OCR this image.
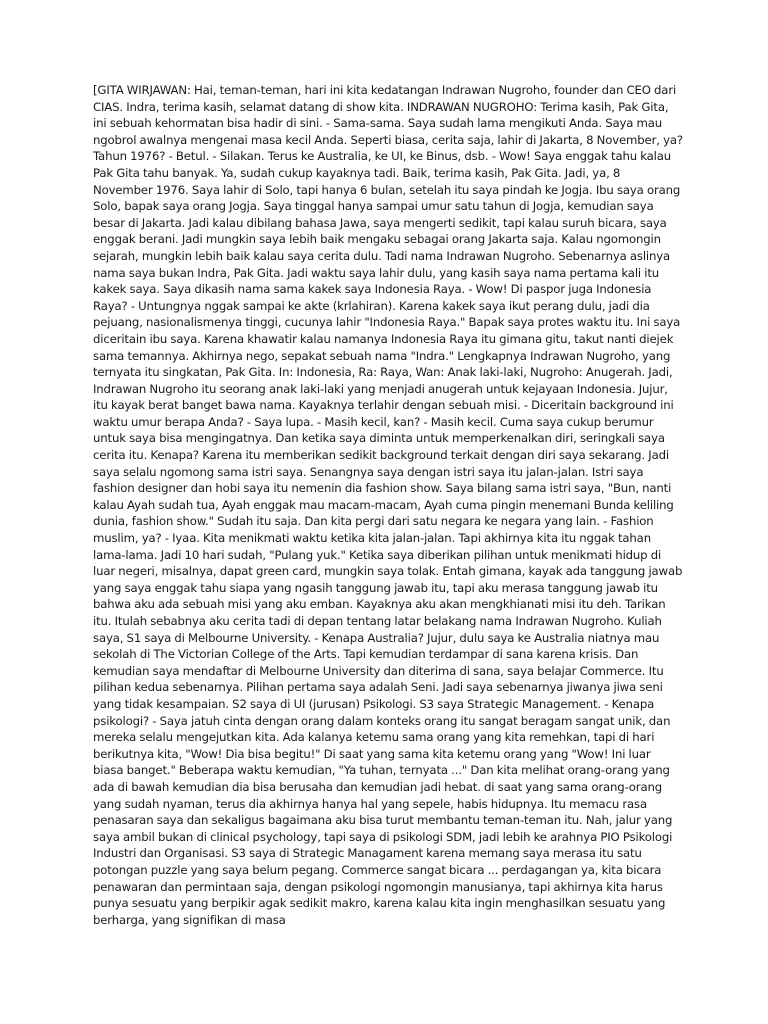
[GITA WIRJAWAN: Hai, teman-teman, hari ini kita kedatangan Indrawan Nugroho, founder dan CEO dari CIAS. Indra, terima kasih, selamat datang di show kita. INDRAWAN NUGROHO: Terima kasih, Pak Gita, ini sebuah kehormatan bisa hadir di sini. - Sama-sama. Saya sudah lama mengikuti Anda. Saya mau ngobrol awalnya mengenai masa kecil Anda. Seperti biasa, cerita saja, lahir di Jakarta, 8 November, ya? Tahun 1976? - Betul. - Silakan. Terus ke Australia, ke UI, ke Binus, dsb. - Wow! Saya enggak tahu kalau Pak Gita tahu banyak. Ya, sudah cukup kayaknya tadi. Baik, terima kasih, Pak Gita. Jadi, ya, 8 November 1976. Saya lahir di Solo, tapi hanya 6 bulan, setelah itu saya pindah ke Jogja. Ibu saya orang Solo, bapak saya orang Jogja. Saya tinggal hanya sampai umur satu tahun di Jogja, kemudian saya besar di Jakarta. Jadi kalau dibilang bahasa Jawa, saya mengerti sedikit, tapi kalau suruh bicara, saya enggak berani. Jadi mungkin saya lebih baik mengaku sebagai orang Jakarta saja. Kalau ngomongin sejarah, mungkin lebih baik kalau saya cerita dulu. Tadi nama Indrawan Nugroho. Sebenarnya aslinya nama saya bukan Indra, Pak Gita. Jadi waktu saya lahir dulu, yang kasih saya nama pertama kali itu kakek saya. Saya dikasih nama sama kakek saya Indonesia Raya. - Wow! Di paspor juga Indonesia Raya? - Untungnya nggak sampai ke akte (krlahiran). Karena kakek saya ikut perang dulu, jadi dia pejuang, nasionalismenya tinggi, cucunya lahir "Indonesia Raya." Bapak saya protes waktu itu. Ini saya diceritain ibu saya. Karena khawatir kalau namanya Indonesia Raya itu gimana gitu, takut nanti diejek sama temannya. Akhirnya nego, sepakat sebuah nama "Indra." Lengkapnya Indrawan Nugroho, yang ternyata itu singkatan, Pak Gita. In: Indonesia, Ra: Raya, Wan: Anak laki-laki, Nugroho: Anugerah. Jadi, Indrawan Nugroho itu seorang anak laki-laki yang menjadi anugerah untuk kejayaan Indonesia. Jujur, itu kayak berat banget bawa nama. Kayaknya terlahir dengan sebuah misi. - Diceritain background ini waktu umur berapa Anda? - Saya lupa. - Masih kecil, kan? - Masih kecil. Cuma saya cukup berumur untuk saya bisa mengingatnya. Dan ketika saya diminta untuk memperkenalkan diri, seringkali saya cerita itu. Kenapa? Karena itu memberikan sedikit background terkait dengan diri saya sekarang. Jadi saya selalu ngomong sama istri saya. Senangnya saya dengan istri saya itu jalan-jalan. Istri saya fashion designer dan hobi saya itu nemenin dia fashion show. Saya bilang sama istri saya, "Bun, nanti kalau Ayah sudah tua, Ayah enggak mau macam-macam, Ayah cuma pingin menemani Bunda keliling dunia, fashion show." Sudah itu saja. Dan kita pergi dari satu negara ke negara yang lain. - Fashion muslim, ya? - Iyaa. Kita menikmati waktu ketika kita jalan-jalan. Tapi akhirnya kita itu nggak tahan lama-lama. Jadi 10 hari sudah, "Pulang yuk." Ketika saya diberikan pilihan untuk menikmati hidup di luar negeri, misalnya, dapat green card, mungkin saya tolak. Entah gimana, kayak ada tanggung jawab yang saya enggak tahu siapa yang ngasih tanggung jawab itu, tapi aku merasa tanggung jawab itu bahwa aku ada sebuah misi yang aku emban. Kayaknya aku akan mengkhianati misi itu deh. Tarikan itu. Itulah sebabnya aku cerita tadi di depan tentang latar belakang nama Indrawan Nugroho. Kuliah saya, S1 saya di Melbourne University. - Kenapa Australia? Jujur, dulu saya ke Australia niatnya mau sekolah di The Victorian College of the Arts. Tapi kemudian terdampar di sana karena krisis. Dan kemudian saya mendaftar di Melbourne University dan diterima di sana, saya belajar Commerce. Itu pilihan kedua sebenarnya. Pilihan pertama saya adalah Seni. Jadi saya sebenarnya jiwanya jiwa seni yang tidak kesampaian. S2 saya di UI (jurusan) Psikologi. S3 saya Strategic Management. - Kenapa psikologi? - Saya jatuh cinta dengan orang dalam konteks orang itu sangat beragam sangat unik, dan mereka selalu mengejutkan kita. Ada kalanya ketemu sama orang yang kita remehkan, tapi di hari berikutnya kita, "Wow! Dia bisa begitu!" Di saat yang sama kita ketemu orang yang "Wow! Ini luar biasa banget." Beberapa waktu kemudian, "Ya tuhan, ternyata ..." Dan kita melihat orang-orang yang ada di bawah kemudian dia bisa berusaha dan kemudian jadi hebat. di saat yang sama orang-orang yang sudah nyaman, terus dia akhirnya hanya hal yang sepele, habis hidupnya. Itu memacu rasa penasaran saya dan sekaligus bagaimana aku bisa turut membantu teman-teman itu. Nah, jalur yang saya ambil bukan di clinical psychology, tapi saya di psikologi SDM, jadi lebih ke arahnya PIO Psikologi Industri dan Organisasi. S3 saya di Strategic Managament karena memang saya merasa itu satu potongan puzzle yang saya belum pegang. Commerce sangat bicara ... perdagangan ya, kita bicara penawaran dan permintaan saja, dengan psikologi ngomongin manusianya, tapi akhirnya kita harus punya sesuatu yang berpikir agak sedikit makro, karena kalau kita ingin menghasilkan sesuatu yang berharga, yang signifikan di masa
